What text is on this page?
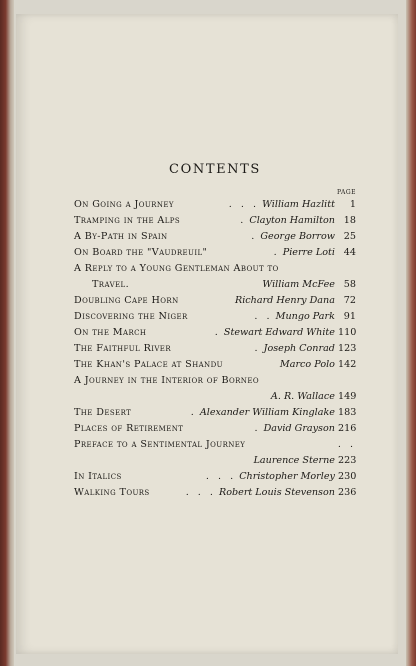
CONTENTS
PAGE
On Going a Journey	. . . William Hazlitt 1
Tramping in the Alps	. Clayton Hamilton 18
A By-Path in Spain	. George Borrow 25
On Board the "Vaudreuil"	. Pierre Loti 44
A Reply to a Young Gentleman About to
Travel.	William McFee 58
Doubling Cape Horn	Richard Henry Dana 72
Discovering the Niger	. . Mungo Park 91
On the March	. Stewart Edward White 110
The Faithful River	. Joseph Conrad 123
The Khan's Palace at Shandu	Marco Polo 142
A Journey in the Interior of Borneo
A. R. Wallace 149
The Desert	. Alexander William Kinglake 183
Places of Retirement	. David Grayson 216
Preface to a Sentimental Journey	. .
Laurence Sterne 223
In Italics	. . . Christopher Morley 230
Walking Tours	. . . Robert Louis Stevenson 236
